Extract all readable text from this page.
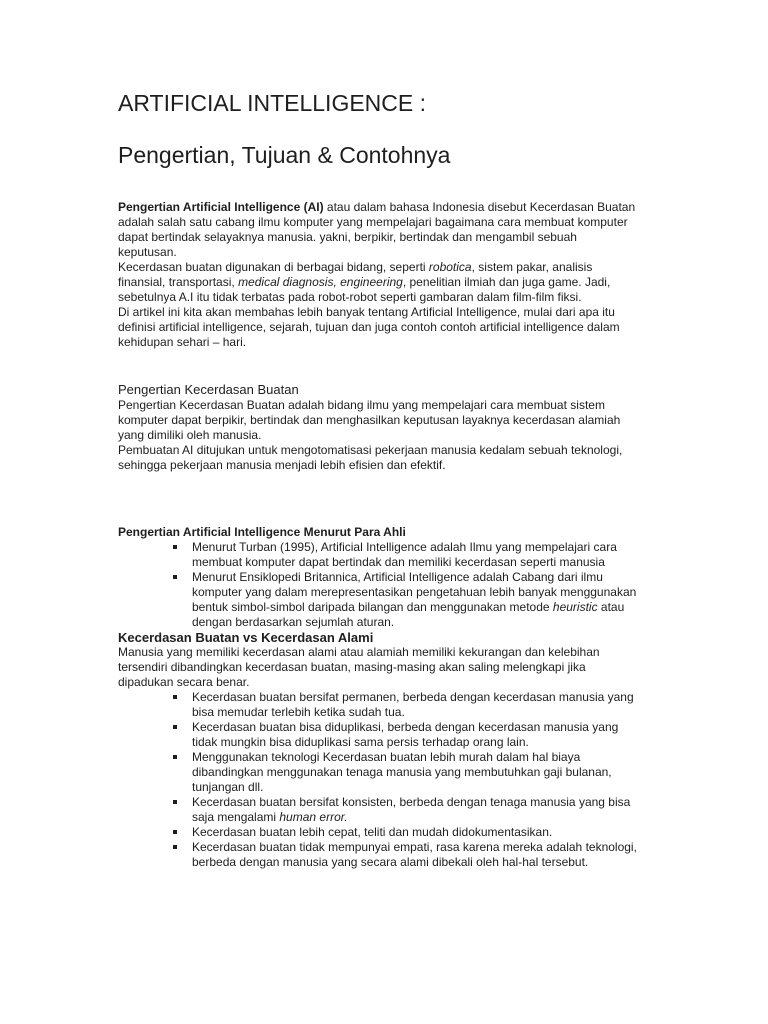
ARTIFICIAL INTELLIGENCE :
Pengertian, Tujuan & Contohnya

Pengertian Artificial Intelligence (AI) atau dalam bahasa Indonesia disebut Kecerdasan Buatan adalah salah satu cabang ilmu komputer yang mempelajari bagaimana cara membuat komputer dapat bertindak selayaknya manusia. yakni, berpikir, bertindak dan mengambil sebuah keputusan.

Kecerdasan buatan digunakan di berbagai bidang, seperti robotica, sistem pakar, analisis finansial, transportasi, medical diagnosis, engineering, penelitian ilmiah dan juga game. Jadi, sebetulnya A.I itu tidak terbatas pada robot-robot seperti gambaran dalam film-film fiksi.

Di artikel ini kita akan membahas lebih banyak tentang Artificial Intelligence, mulai dari apa itu definisi artificial intelligence, sejarah, tujuan dan juga contoh contoh artificial intelligence dalam kehidupan sehari – hari.

Pengertian Kecerdasan Buatan

Pengertian Kecerdasan Buatan adalah bidang ilmu yang mempelajari cara membuat sistem komputer dapat berpikir, bertindak dan menghasilkan keputusan layaknya kecerdasan alamiah yang dimiliki oleh manusia.

Pembuatan AI ditujukan untuk mengotomatisasi pekerjaan manusia kedalam sebuah teknologi, sehingga pekerjaan manusia menjadi lebih efisien dan efektif.

Pengertian Artificial Intelligence Menurut Para Ahli
Menurut Turban (1995), Artificial Intelligence adalah Ilmu yang mempelajari cara membuat komputer dapat bertindak dan memiliki kecerdasan seperti manusia
Menurut Ensiklopedi Britannica, Artificial Intelligence adalah Cabang dari ilmu komputer yang dalam merepresentasikan pengetahuan lebih banyak menggunakan bentuk simbol-simbol daripada bilangan dan menggunakan metode heuristic atau dengan berdasarkan sejumlah aturan.
Kecerdasan Buatan vs Kecerdasan Alami

Manusia yang memiliki kecerdasan alami atau alamiah memiliki kekurangan dan kelebihan tersendiri dibandingkan kecerdasan buatan, masing-masing akan saling melengkapi jika dipadukan secara benar.

Kecerdasan buatan bersifat permanen, berbeda dengan kecerdasan manusia yang bisa memudar terlebih ketika sudah tua.
Kecerdasan buatan bisa diduplikasi, berbeda dengan kecerdasan manusia yang tidak mungkin bisa diduplikasi sama persis terhadap orang lain.
Menggunakan teknologi Kecerdasan buatan lebih murah dalam hal biaya dibandingkan menggunakan tenaga manusia yang membutuhkan gaji bulanan, tunjangan dll.
Kecerdasan buatan bersifat konsisten, berbeda dengan tenaga manusia yang bisa saja mengalami human error.
Kecerdasan buatan lebih cepat, teliti dan mudah didokumentasikan.
Kecerdasan buatan tidak mempunyai empati, rasa karena mereka adalah teknologi, berbeda dengan manusia yang secara alami dibekali oleh hal-hal tersebut.
